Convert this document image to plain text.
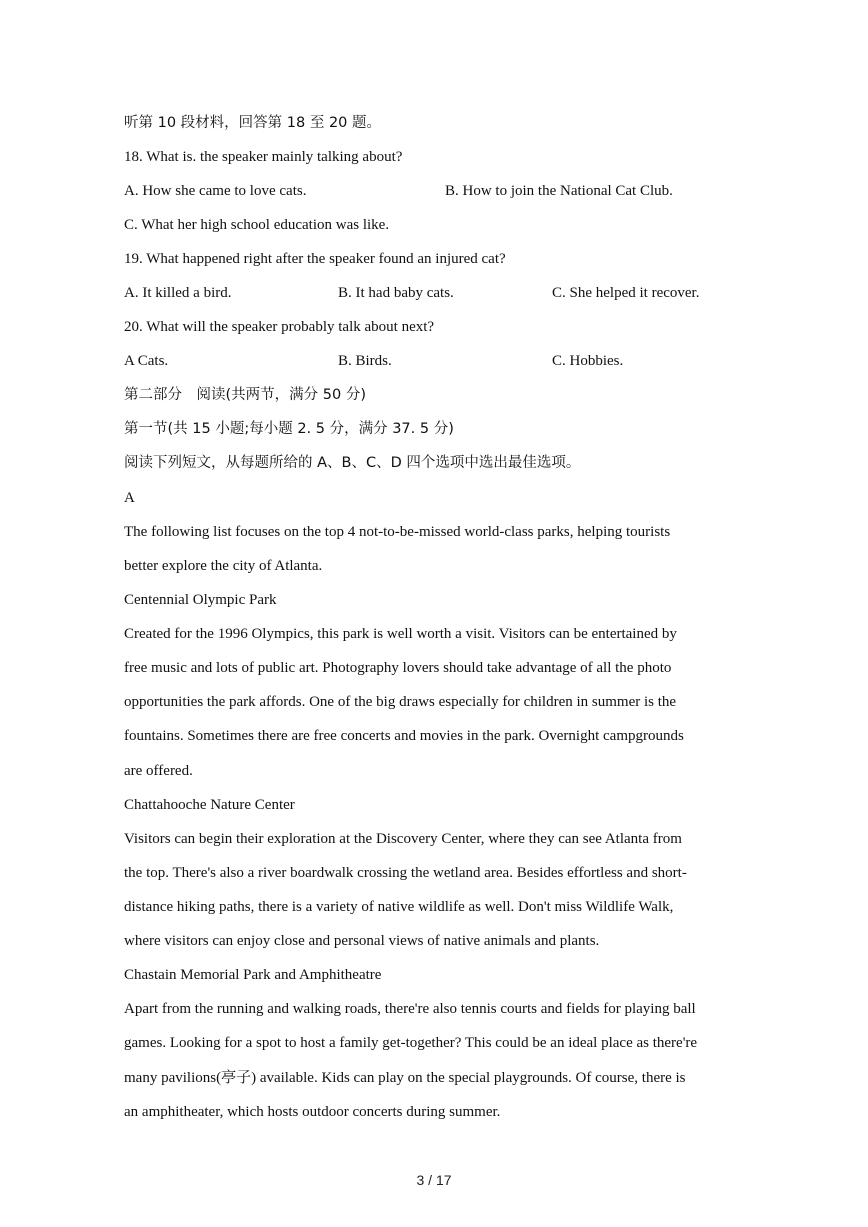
听第 10 段材料，回答第 18 至 20 题。
18. What is. the speaker mainly talking about?
A. How she came to love cats.	B. How to join the National Cat Club.
C. What her high school education was like.
19. What happened right after the speaker found an injured cat?
A. It killed a bird.	B. It had baby cats.	C. She helped it recover.
20. What will the speaker probably talk about next?
A Cats.	B. Birds.	C. Hobbies.
第二部分　阅读(共两节，满分 50 分)
第一节(共 15 小题;每小题 2. 5 分，满分 37. 5 分)
阅读下列短文，从每题所给的 A、B、C、D 四个选项中选出最佳选项。
A
The following list focuses on the top 4 not-to-be-missed world-class parks, helping tourists
better explore the city of Atlanta.
Centennial Olympic Park
Created for the 1996 Olympics, this park is well worth a visit. Visitors can be entertained by
free music and lots of public art. Photography lovers should take advantage of all the photo
opportunities the park affords. One of the big draws especially for children in summer is the
fountains. Sometimes there are free concerts and movies in the park. Overnight campgrounds
are offered.
Chattahooche Nature Center
Visitors can begin their exploration at the Discovery Center, where they can see Atlanta from
the top. There's also a river boardwalk crossing the wetland area. Besides effortless and short-
distance hiking paths, there is a variety of native wildlife as well. Don't miss Wildlife Walk,
where visitors can enjoy close and personal views of native animals and plants.
Chastain Memorial Park and Amphitheatre
Apart from the running and walking roads, there're also tennis courts and fields for playing ball
games. Looking for a spot to host a family get-together? This could be an ideal place as there're
many pavilions(亭子) available. Kids can play on the special playgrounds. Of course, there is
an amphitheater, which hosts outdoor concerts during summer.
3 / 17
